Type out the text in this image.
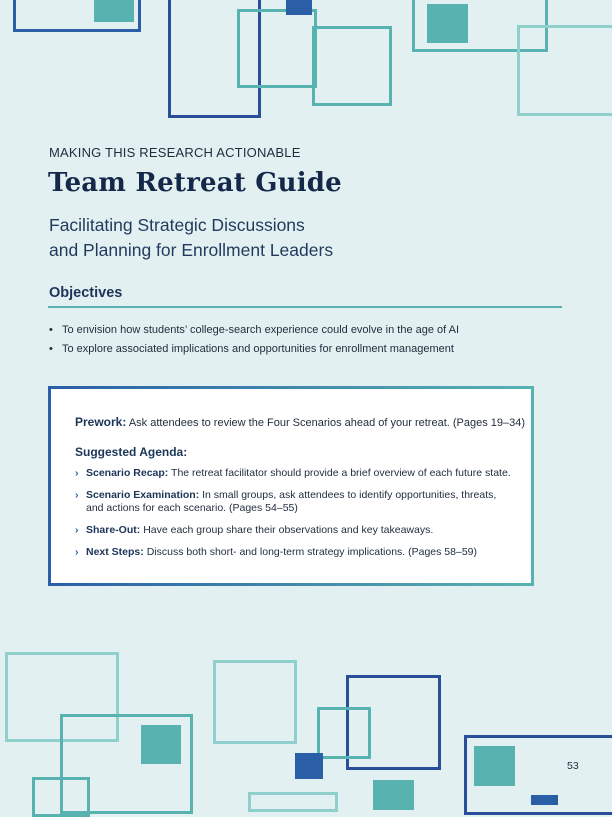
MAKING THIS RESEARCH ACTIONABLE
Team Retreat Guide
Facilitating Strategic Discussions
and Planning for Enrollment Leaders
Objectives
• To envision how students’ college-search experience could evolve in the age of AI
• To explore associated implications and opportunities for enrollment management
Prework: Ask attendees to review the Four Scenarios ahead of your retreat. (Pages 19–34)
Suggested Agenda:
› Scenario Recap: The retreat facilitator should provide a brief overview of each future state.
› Scenario Examination: In small groups, ask attendees to identify opportunities, threats, and actions for each scenario. (Pages 54–55)
› Share-Out: Have each group share their observations and key takeaways.
› Next Steps: Discuss both short- and long-term strategy implications. (Pages 58–59)
53
